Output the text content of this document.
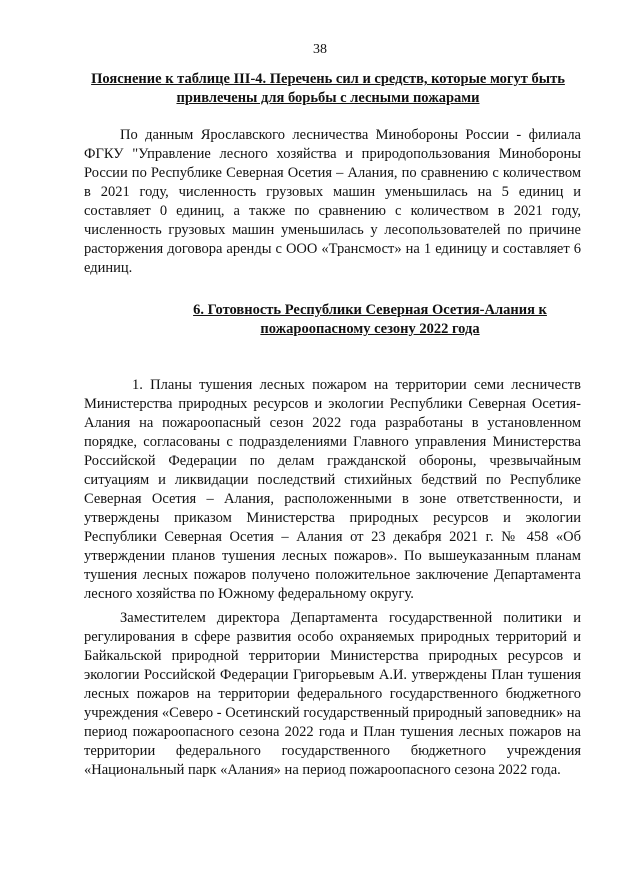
38
Пояснение к таблице III-4. Перечень сил и средств, которые могут быть привлечены для борьбы с лесными пожарами

По данным Ярославского лесничества Минобороны России - филиала ФГКУ "Управление лесного хозяйства и природопользования Минобороны России по Республике Северная Осетия – Алания, по сравнению с количеством в 2021 году, численность грузовых машин уменьшилась на 5 единиц и составляет 0 единиц, а также по сравнению с количеством в 2021 году, численность грузовых машин уменьшилась у лесопользователей по причине расторжения договора аренды с ООО «Трансмост» на 1 единицу и составляет 6 единиц.

6. Готовность Республики Северная Осетия-Алания к
пожароопасному сезону 2022 года

1. Планы тушения лесных пожаром на территории семи лесничеств Министерства природных ресурсов и экологии Республики Северная Осетия-Алания на пожароопасный сезон 2022 года разработаны в установленном порядке, согласованы с подразделениями Главного управления Министерства Российской Федерации по делам гражданской обороны, чрезвычайным ситуациям и ликвидации последствий стихийных бедствий по Республике Северная Осетия – Алания, расположенными в зоне ответственности, и утверждены приказом Министерства природных ресурсов и экологии Республики Северная Осетия – Алания от 23 декабря 2021 г. № 458 «Об утверждении планов тушения лесных пожаров». По вышеуказанным планам тушения лесных пожаров получено положительное заключение Департамента лесного хозяйства по Южному федеральному округу.

Заместителем директора Департамента государственной политики и регулирования в сфере развития особо охраняемых природных территорий и Байкальской природной территории Министерства природных ресурсов и экологии Российской Федерации Григорьевым А.И. утверждены План тушения лесных пожаров на территории федерального государственного бюджетного учреждения «Северо - Осетинский государственный природный заповедник» на период пожароопасного сезона 2022 года и План тушения лесных пожаров на территории федерального государственного бюджетного учреждения «Национальный парк «Алания» на период пожароопасного сезона 2022 года.
